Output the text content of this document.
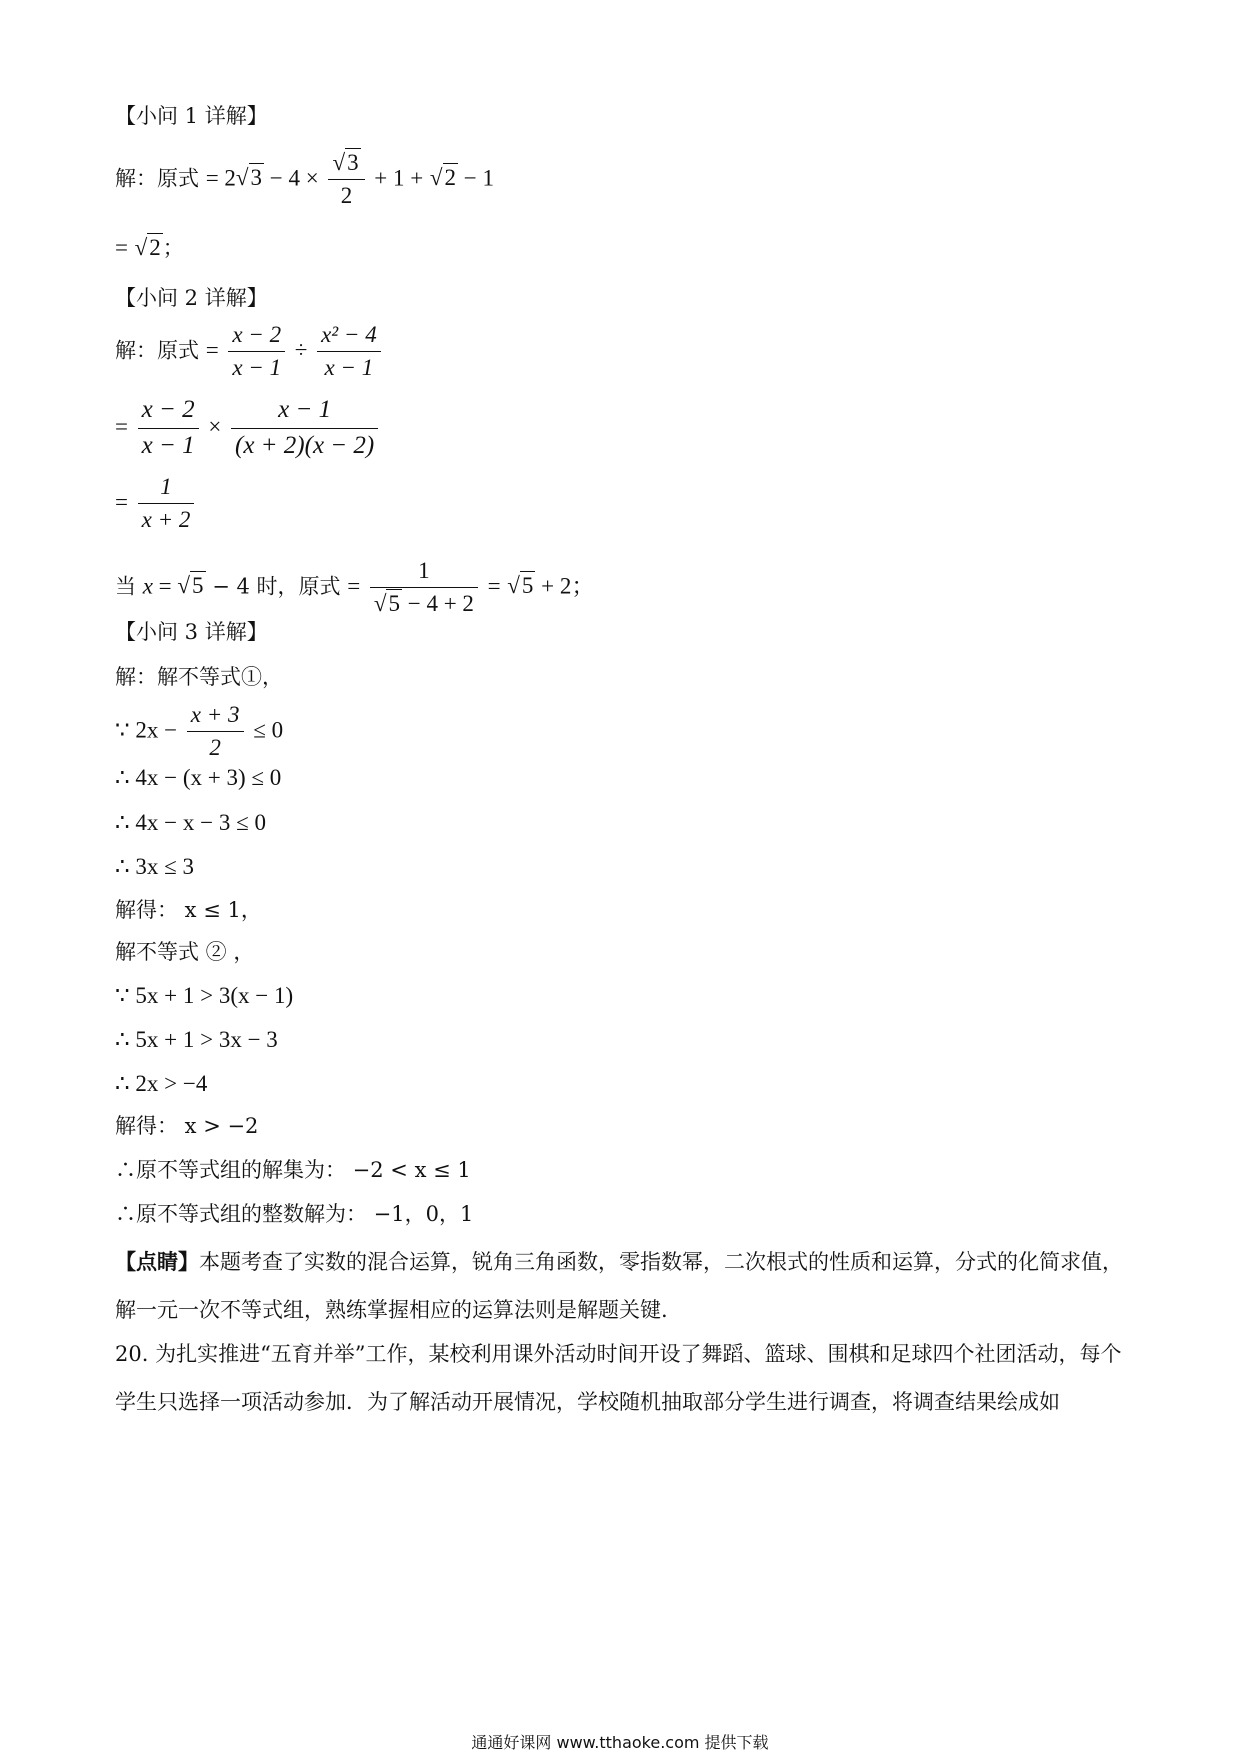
【小问 1 详解】
解：原式 = $2√3 - 4 \times \frac{√3}{2} + 1 + √2 - 1$
= √2；
【小问 2 详解】
解：原式 = $\frac{x - 2}{x - 1} \div \frac{\text{x² − 4}}{x - 1}$
= $\frac{x - 2}{x - 1} \times \frac{x - 1}{(x + 2)(x - 2)}$
= $\frac{1}{x + 2}$
当 x = √5 − 4 时，原式 = $\frac{1}{√5 - 4 + 2} = √5 + 2$；
【小问 3 详解】
解：解不等式①，
∵ $2x - \frac{x + 3}{2} \le 0$
∴ 4x − (x + 3) ≤ 0
∴ 4x − x − 3 ≤ 0
∴ 3x ≤ 3
解得： x ≤ 1，
解不等式 ② ，
∵ 5x + 1 > 3(x − 1)
∴ 5x + 1 > 3x − 3
∴ 2x > −4
解得： x > −2
∴原不等式组的解集为： −2 < x ≤ 1
∴原不等式组的整数解为： −1，0，1
【点睛】本题考查了实数的混合运算，锐角三角函数，零指数幂，二次根式的性质和运算，分式的化简求值，解一元一次不等式组，熟练掌握相应的运算法则是解题关键.
20. 为扎实推进“五育并举”工作，某校利用课外活动时间开设了舞蹈、篮球、围棋和足球四个社团活动，每个学生只选择一项活动参加．为了解活动开展情况，学校随机抽取部分学生进行调查，将调查结果绘成如
通通好课网 www.tthaoke.com 提供下载
